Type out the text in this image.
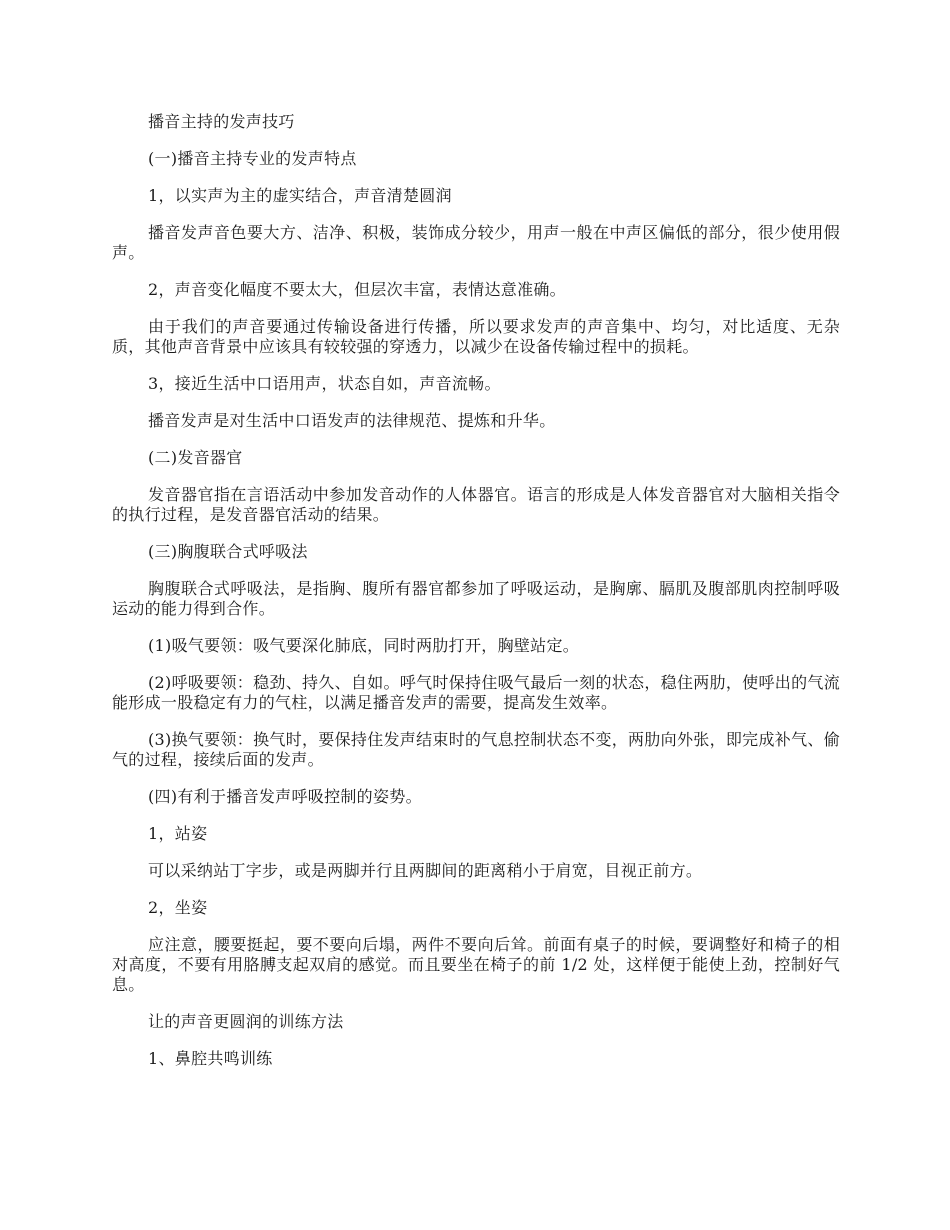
播音主持的发声技巧

(一)播音主持专业的发声特点

1，以实声为主的虚实结合，声音清楚圆润

播音发声音色要大方、洁净、积极，装饰成分较少，用声一般在中声区偏低的部分，很少使用假声。

2，声音变化幅度不要太大，但层次丰富，表情达意准确。

由于我们的声音要通过传输设备进行传播，所以要求发声的声音集中、均匀，对比适度、无杂质，其他声音背景中应该具有较较强的穿透力，以减少在设备传输过程中的损耗。

3，接近生活中口语用声，状态自如，声音流畅。

播音发声是对生活中口语发声的法律规范、提炼和升华。

(二)发音器官

发音器官指在言语活动中参加发音动作的人体器官。语言的形成是人体发音器官对大脑相关指令的执行过程，是发音器官活动的结果。

(三)胸腹联合式呼吸法

胸腹联合式呼吸法，是指胸、腹所有器官都参加了呼吸运动，是胸廓、膈肌及腹部肌肉控制呼吸运动的能力得到合作。

(1)吸气要领：吸气要深化肺底，同时两肋打开，胸壁站定。

(2)呼吸要领：稳劲、持久、自如。呼气时保持住吸气最后一刻的状态，稳住两肋，使呼出的气流能形成一股稳定有力的气柱，以满足播音发声的需要，提高发生效率。

(3)换气要领：换气时，要保持住发声结束时的气息控制状态不变，两肋向外张，即完成补气、偷气的过程，接续后面的发声。

(四)有利于播音发声呼吸控制的姿势。

1，站姿

可以采纳站丁字步，或是两脚并行且两脚间的距离稍小于肩宽，目视正前方。

2，坐姿

应注意，腰要挺起，要不要向后塌，两件不要向后耸。前面有桌子的时候，要调整好和椅子的相对高度，不要有用胳膊支起双肩的感觉。而且要坐在椅子的前 1/2 处，这样便于能使上劲，控制好气息。

让的声音更圆润的训练方法

1、鼻腔共鸣训练
